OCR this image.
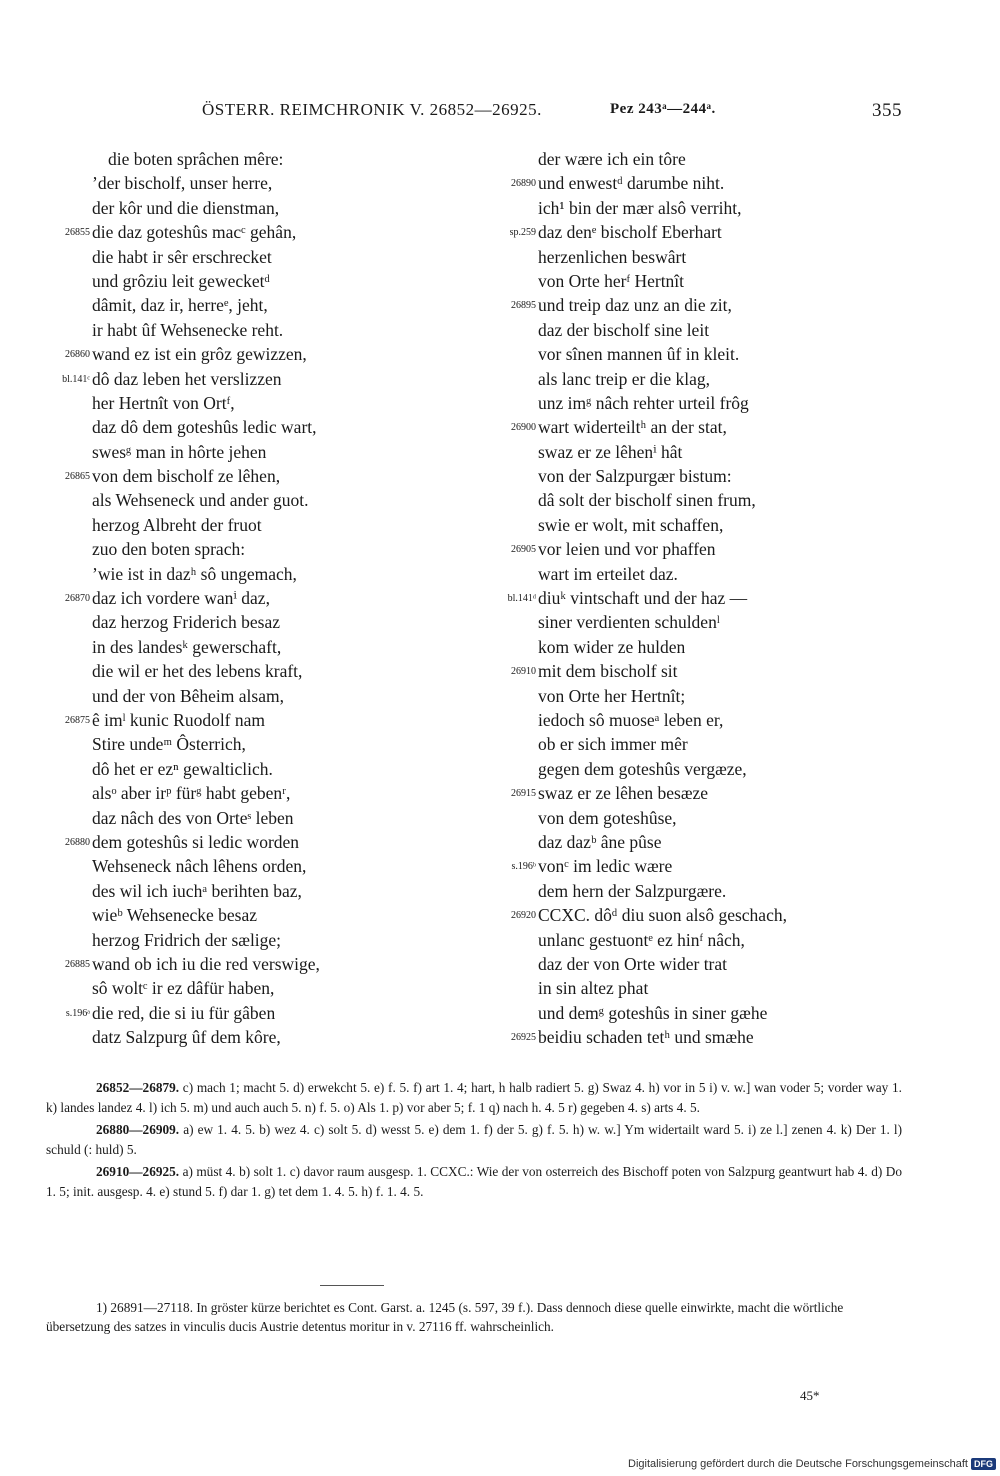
ÖSTERR. REIMCHRONIK V. 26852—26925.	Pez 243ᵃ—244ᵃ.	355
die boten sprâchen mêre:
ʼder bischolf, unser herre,
der kôr und die dienstman,
26855 die daz goteshûs macᶜ gehân,
die habt ir sêr erschrecket
und grôziu leit gewecketᵈ
dâmit, daz ir, herreᵉ, jeht,
ir habt ûf Wehsenecke reht.
26860 wand ez ist ein grôz gewizzen,
bl.141ᶜ dô daz leben het verslizzen
her Hertnît von Ortᶠ,
daz dô dem goteshûs ledic wart,
swesᵍ man in hôrte jehen
26865 von dem bischolf ze lêhen,
als Wehseneck und ander guot.
herzog Albreht der fruot
zuo den boten sprach:
ʼwie ist in dazʰ sô ungemach,
26870 daz ich vordere wanⁱ daz,
daz herzog Friderich besaz
in des landesᵏ gewerschaft,
die wil er het des lebens kraft,
und der von Bêheim alsam,
26875 ê imˡ kunic Ruodolf nam
Stire undeᵐ Ôsterrich,
dô het er ezⁿ gewalticlich.
alsᵒ aber irᵖ fürᵍ habt gebenʳ,
daz nâch des von Orteˢ leben
26880 dem goteshûs si ledic worden
Wehseneck nâch lêhens orden,
des wil ich iuchᵃ berihten baz,
wieᵇ Wehsenecke besaz
herzog Fridrich der sælige;
26885 wand ob ich iu die red verswige,
sô woltᶜ ir ez dâfür haben,
s.196ᵃ die red, die si iu für gâben
datz Salzpurg ûf dem kôre,
der wære ich ein tôre
26890 und enwestᵈ darumbe niht.
ich¹ bin der mær alsô verriht,
sp.259 daz denᵉ bischolf Eberhart
herzenlichen beswârt
von Orte herᶠ Hertnît
26895 und treip daz unz an die zit,
daz der bischolf sine leit
vor sînen mannen ûf in kleit.
als lanc treip er die klag,
unz imᵍ nâch rehter urteil frôg
26900 wart widerteiltʰ an der stat,
swaz er ze lêhenⁱ hât
von der Salzpurgær bistum:
dâ solt der bischolf sinen frum,
swie er wolt, mit schaffen,
26905 vor leien und vor phaffen
wart im erteilet daz.
bl.141ᵈ diuᵏ vintschaft und der haz —
siner verdienten schuldenˡ
kom wider ze hulden
26910 mit dem bischolf sit
von Orte her Hertnît;
iedoch sô muoseᵃ leben er,
ob er sich immer mêr
gegen dem goteshûs vergæze,
26915 swaz er ze lêhen besæze
von dem goteshûse,
daz dazᵇ âne pûse
s.196ᵇ vonᶜ im ledic wære
dem hern der Salzpurgære.
26920 CCXC. dôᵈ diu suon alsô geschach,
unlanc gestuontᵉ ez hinᶠ nâch,
daz der von Orte wider trat
in sin altez phat
und demᵍ goteshûs in siner gæhe
26925 beidiu schaden tetʰ und smæhe

26852—26879. c) mach 1; macht 5. d) erwekcht 5. e) f. 5. f) art 1. 4; hart, h halb radiert 5. g) Swaz 4. h) vor in 5 i) v. w.] wan voder 5; vorder way 1. k) landes landez 4. l) ich 5. m) und auch auch 5. n) f. 5. o) Als 1. p) vor aber 5; f. 1 q) nach h. 4. 5 r) gegeben 4. s) arts 4. 5.

26880—26909. a) ew 1. 4. 5. b) wez 4. c) solt 5. d) wesst 5. e) dem 1. f) der 5. g) f. 5. h) w. w.] Ym widertailt ward 5. i) ze l.] zenen 4. k) Der 1. l) schuld (: huld) 5.

26910—26925. a) müst 4. b) solt 1. c) davor raum ausgesp. 1. CCXC.: Wie der von osterreich des Bischoff poten von Salzpurg geantwurt hab 4. d) Do 1. 5; init. ausgesp. 4. e) stund 5. f) dar 1. g) tet dem 1. 4. 5. h) f. 1. 4. 5.

1) 26891—27118. In gröster kürze berichtet es Cont. Garst. a. 1245 (s. 597, 39 f.). Dass dennoch diese quelle einwirkte, macht die wörtliche übersetzung des satzes in vinculis ducis Austrie detentus moritur in v. 27116 ff. wahrscheinlich.
45*
Digitalisierung gefördert durch die Deutsche Forschungsgemeinschaft DFG
